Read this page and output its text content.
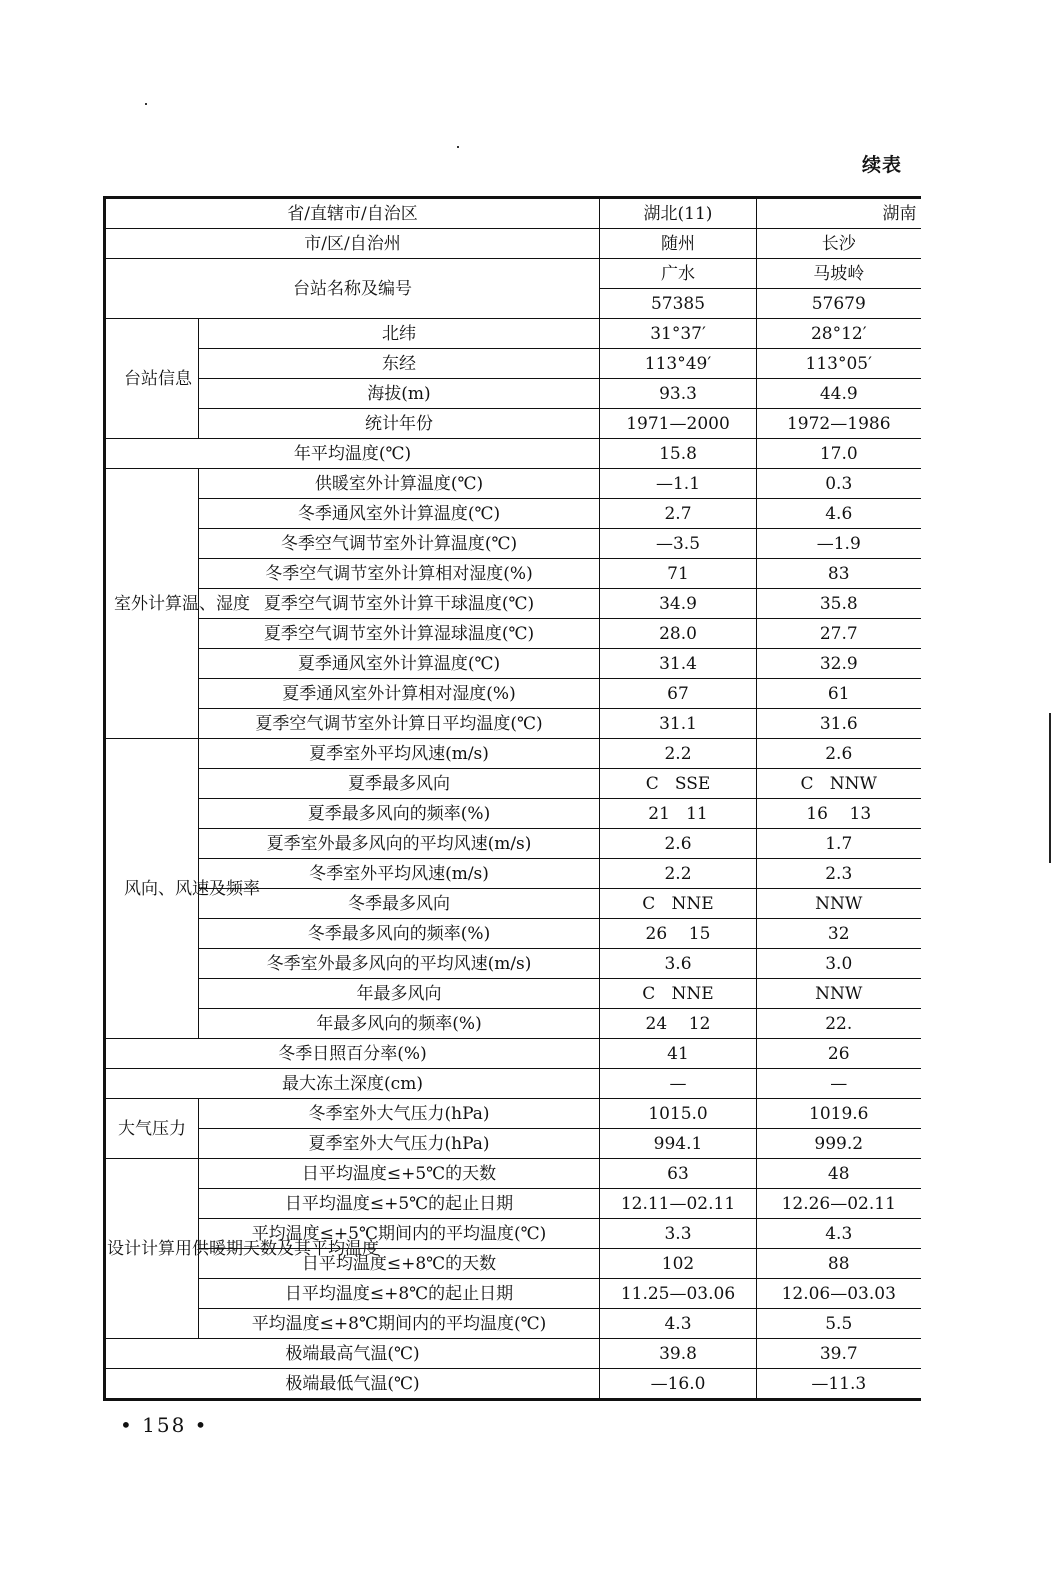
续表
省/直辖市/自治区		湖北(11)	湖南
市/区/自治州		随州	长沙
台站名称及编号		广水	马坡岭
		57385	57679

台站信息	北纬	31°37′	28°12′
	东经	113°49′	113°05′
	海拔(m)	93.3	44.9
	统计年份	1971—2000	1972—1986
年平均温度(℃)		15.8	17.0

室外计算温、湿度	供暖室外计算温度(℃)	—1.1	0.3
	冬季通风室外计算温度(℃)	2.7	4.6
	冬季空气调节室外计算温度(℃)	—3.5	—1.9
	冬季空气调节室外计算相对湿度(%)	71	83
	夏季空气调节室外计算干球温度(℃)	34.9	35.8
	夏季空气调节室外计算湿球温度(℃)	28.0	27.7
	夏季通风室外计算温度(℃)	31.4	32.9
	夏季通风室外计算相对湿度(%)	67	61
	夏季空气调节室外计算日平均温度(℃)	31.1	31.6

风向、风速及频率	夏季室外平均风速(m/s)	2.2	2.6
	夏季最多风向	C   SSE	C   NNW
	夏季最多风向的频率(%)	21   11	16    13
	夏季室外最多风向的平均风速(m/s)	2.6	1.7
	冬季室外平均风速(m/s)	2.2	2.3
	冬季最多风向	C   NNE	NNW
	冬季最多风向的频率(%)	26    15	32
	冬季室外最多风向的平均风速(m/s)	3.6	3.0
	年最多风向	C   NNE	NNW
	年最多风向的频率(%)	24    12	22.
冬季日照百分率(%)		41	26
最大冻土深度(cm)		—	—

大气压力	冬季室外大气压力(hPa)	1015.0	1019.6
	夏季室外大气压力(hPa)	994.1	999.2

设计计算用供暖期天数及其平均温度	日平均温度≤+5℃的天数	63	48
	日平均温度≤+5℃的起止日期	12.11—02.11	12.26—02.11
	平均温度≤+5℃期间内的平均温度(℃)	3.3	4.3
	日平均温度≤+8℃的天数	102	88
	日平均温度≤+8℃的起止日期	11.25—03.06	12.06—03.03
	平均温度≤+8℃期间内的平均温度(℃)	4.3	5.5
极端最高气温(℃)		39.8	39.7
极端最低气温(℃)		—16.0	—11.3
• 158 •
